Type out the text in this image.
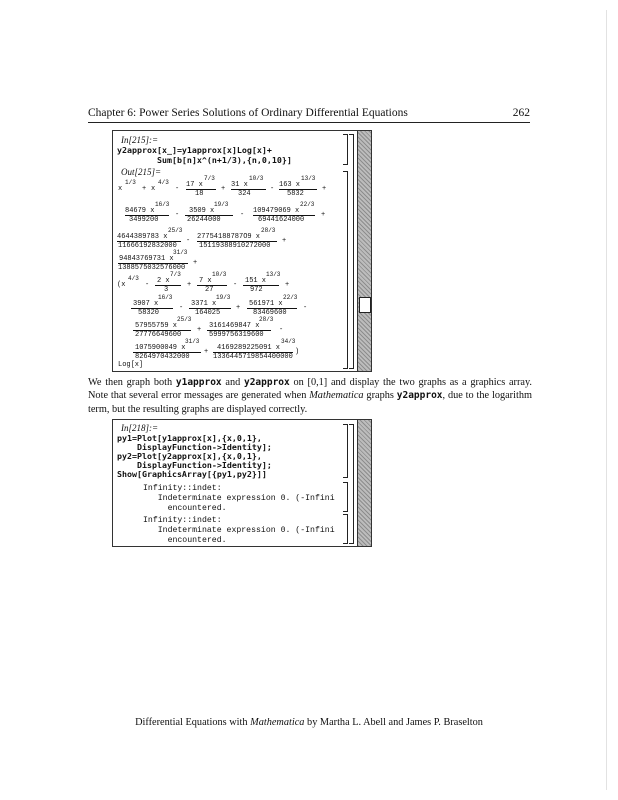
Chapter 6: Power Series Solutions of Ordinary Differential Equations	262
In[215]:=
y2approx[x_]=y1approx[x]Log[x]+
Sum[b[n]x^(n+1/3),{n,0,10}]
Out[215]=
x
1/3
+ x
4/3
- 17 x
7/3
18
+ 31 x
10/3
324
- 163 x
13/3
5832
+
84679 x
16/3
3499200
- 3509 x
19/3
26244000
- 109479069 x
22/3
69441624000
+
4644389783 x
25/3
11666192832000
- 27754188787O9 x
28/3
15119388910272000
+
94843769731 x
31/3
1388575032576000
+
(x
4/3
- 2 x
7/3
3
+ 7 x
10/3
27
- 151 x
13/3
972
+
3907 x
16/3
58320
- 3371 x
19/3
164025
+ 561971 x
22/3
83469600
-
57955759 x
25/3
27776649600
+ 3161469847 x
28/3
5999756319600
-
1075900049 x
31/3
8264970432000
+ 4169289225091 x
34/3
1336445719854400000
)
Log[x]
We then graph both y1approx and y2approx on [0,1] and display the two graphs as a graphics array. Note that several error messages are generated when Mathematica graphs y2approx, due to the logarithm term, but the resulting graphs are displayed correctly.
In[218]:=
py1=Plot[y1approx[x],{x,0,1},
DisplayFunction->Identity];
py2=Plot[y2approx[x],{x,0,1},
DisplayFunction->Identity];
Show[GraphicsArray[{py1,py2}]]
Infinity::indet:
Indeterminate expression 0. (-Infini
encountered.
Infinity::indet:
Indeterminate expression 0. (-Infini
encountered.
Differential Equations with Mathematica by Martha L. Abell and James P. Braselton
